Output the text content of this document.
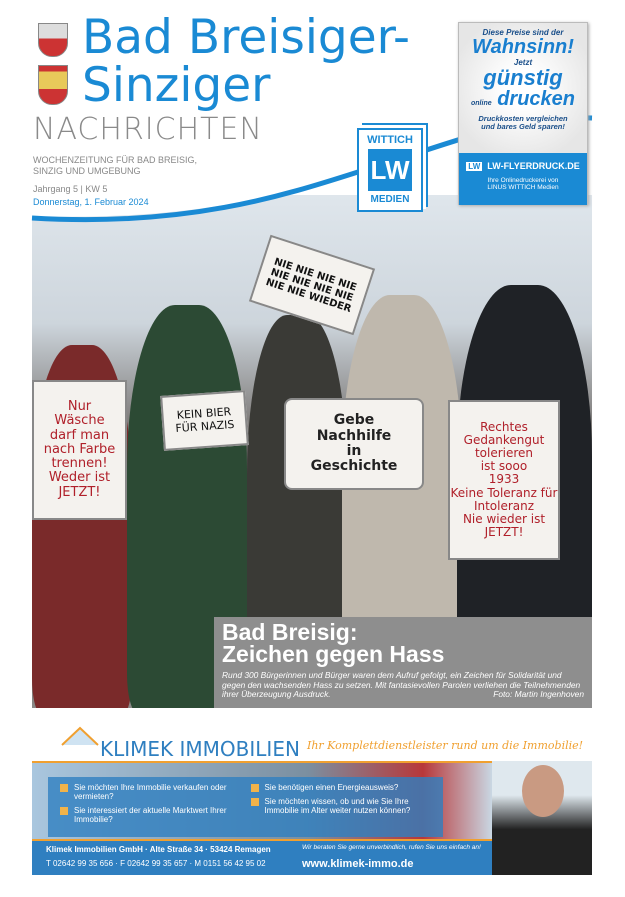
NIE NIE NIE NIE
NIE NIE NIE NIE
NIE NIE WIEDER
Nur
Wäsche
darf man
nach Farbe
trennen!
Weder ist JETZT!
KEIN BIER
FÜR NAZIS	Gebe
Nachhilfe
in
Geschichte
Rechtes
Gedankengut
tolerieren
ist sooo
1933
Keine Toleranz für Intoleranz
Nie wieder ist JETZT!
Bad Breisiger-
Sinziger
NACHRICHTEN
WOCHENZEITUNG FÜR BAD BREISIG,
SINZIG UND UMGEBUNG
Jahrgang 5 | KW 5
Donnerstag, 1. Februar 2024
WITTICH
LW
MEDIEN
Diese Preise sind der
Wahnsinn!
Jetzt
günstig
online drucken
Druckkosten vergleichen
und bares Geld sparen!
LW LW-FLYERDRUCK.DE
Ihre Onlinedruckerei von
LINUS WITTICH Medien
Bad Breisig:
Zeichen gegen Hass

Rund 300 Bürgerinnen und Bürger waren dem Aufruf gefolgt, ein Zeichen für Solidarität und gegen den wachsenden Hass zu setzen. Mit fantasievollen Parolen verliehen die Teilnehmenden ihrer Überzeugung Ausdruck.	Foto: Martin Ingenhoven

KLIMEK IMMOBILIEN Ihr Komplettdienstleister rund um die Immobilie!
Sie möchten Ihre Immobilie verkaufen oder vermieten?
Sie interessiert der aktuelle Marktwert Ihrer Immobilie?
Sie benötigen einen Energieausweis?
Sie möchten wissen, ob und wie Sie Ihre Immobilie im Alter weiter nutzen können?
Klimek Immobilien GmbH · Alte Straße 34 · 53424 Remagen
T 02642 99 35 656 · F 02642 99 35 657 · M 0151 56 42 95 02
Wir beraten Sie gerne unverbindlich, rufen Sie uns einfach an!
www.klimek-immo.de
